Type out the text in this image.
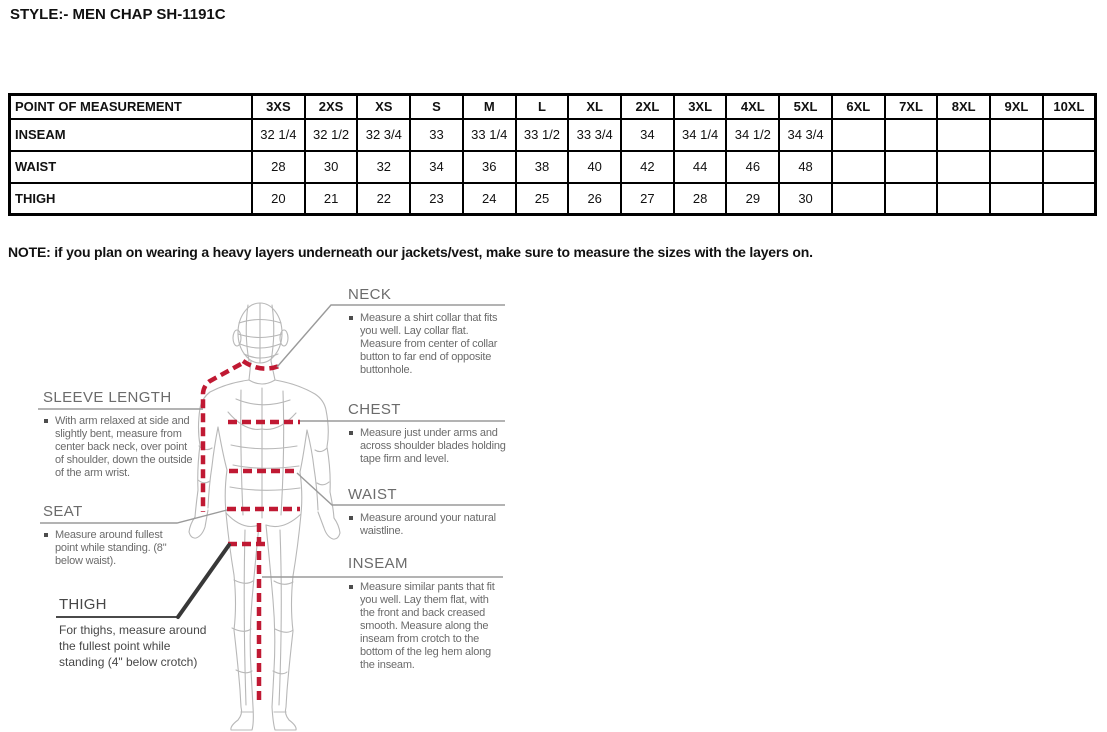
STYLE:- MEN CHAP SH-1191C
POINT OF MEASUREMENT	3XS	2XS	XS	S	M	L	XL	2XL	3XL	4XL	5XL	6XL	7XL	8XL	9XL	10XL
INSEAM	32 1/4	32 1/2	32 3/4	33	33 1/4	33 1/2	33 3/4	34	34 1/4	34 1/2	34 3/4					
WAIST	28	30	32	34	36	38	40	42	44	46	48					
THIGH	20	21	22	23	24	25	26	27	28	29	30					
NOTE: if you plan on wearing a heavy layers underneath our jackets/vest, make sure to measure the sizes with the layers on.
NECK
Measure a shirt collar that fits you well. Lay collar flat. Measure from center of collar button to far end of opposite buttonhole.
SLEEVE LENGTH
With arm relaxed at side and slightly bent, measure from center back neck, over point of shoulder, down the outside of the arm wrist.
CHEST
Measure just under arms and across shoulder blades holding tape firm and level.
WAIST
Measure around your natural waistline.
SEAT
Measure around fullest point while standing. (8" below waist).	INSEAM
Measure similar pants that fit you well. Lay them flat, with the front and back creased smooth. Measure along the inseam from crotch to the bottom of the leg hem along the inseam.
THIGH
For thighs, measure around the fullest point while standing (4" below crotch)
